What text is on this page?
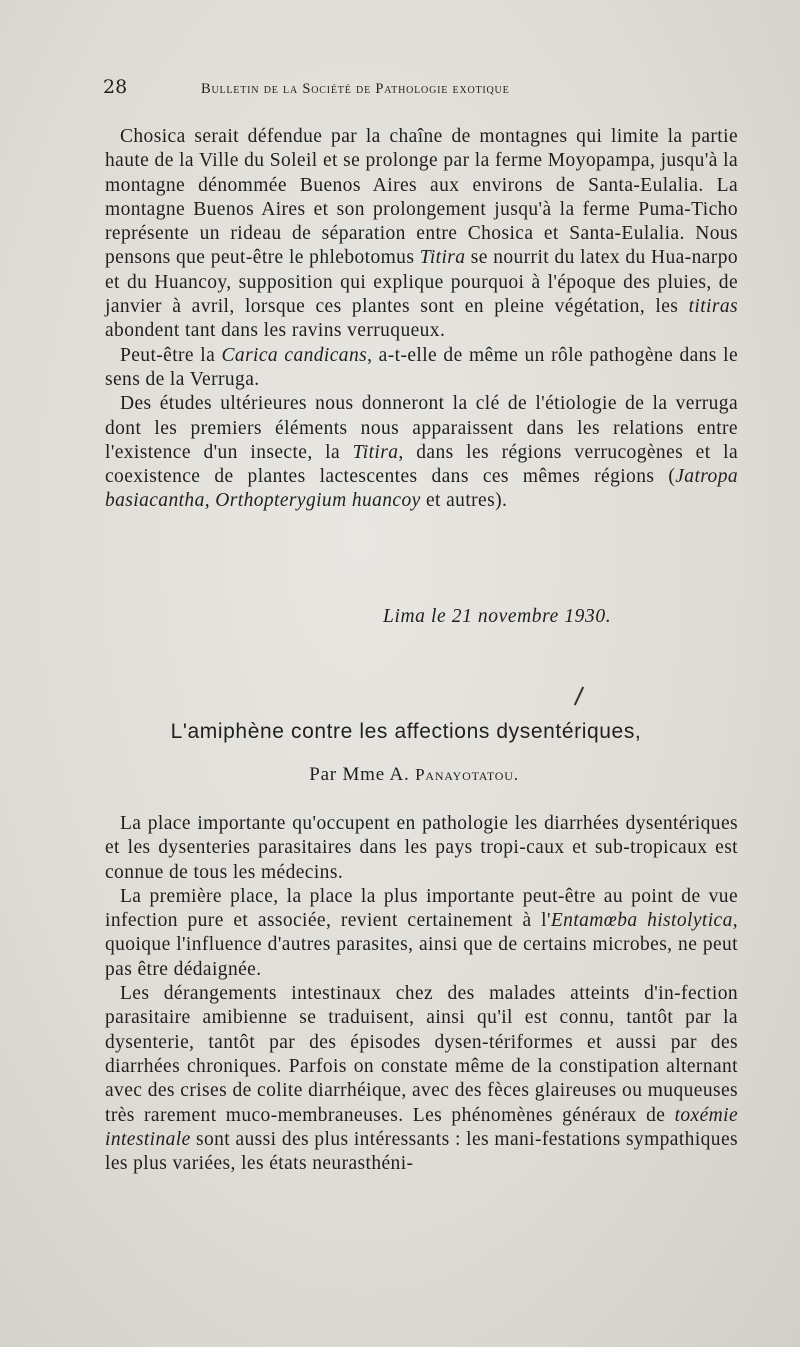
28	Bulletin de la Société de Pathologie exotique

Chosica serait défendue par la chaîne de montagnes qui limite la partie haute de la Ville du Soleil et se prolonge par la ferme Moyopampa, jusqu'à la montagne dénommée Buenos Aires aux environs de Santa-Eulalia. La montagne Buenos Aires et son prolongement jusqu'à la ferme Puma-Ticho représente un rideau de séparation entre Chosica et Santa-Eulalia. Nous pensons que peut-être le phlebotomus Titira se nourrit du latex du Hua-narpo et du Huancoy, supposition qui explique pourquoi à l'époque des pluies, de janvier à avril, lorsque ces plantes sont en pleine végétation, les titiras abondent tant dans les ravins verruqueux.

Peut-être la Carica candicans, a-t-elle de même un rôle pathogène dans le sens de la Verruga.

Des études ultérieures nous donneront la clé de l'étiologie de la verruga dont les premiers éléments nous apparaissent dans les relations entre l'existence d'un insecte, la Titira, dans les régions verrucogènes et la coexistence de plantes lactescentes dans ces mêmes régions (Jatropa basiacantha, Orthopterygium huancoy et autres).

Lima le 21 novembre 1930.
L'amiphène contre les affections dysentériques,
Par Mme A. Panayotatou.

La place importante qu'occupent en pathologie les diarrhées dysentériques et les dysenteries parasitaires dans les pays tropi-caux et sub-tropicaux est connue de tous les médecins.

La première place, la place la plus importante peut-être au point de vue infection pure et associée, revient certainement à l'Entamœba histolytica, quoique l'influence d'autres parasites, ainsi que de certains microbes, ne peut pas être dédaignée.

Les dérangements intestinaux chez des malades atteints d'in-fection parasitaire amibienne se traduisent, ainsi qu'il est connu, tantôt par la dysenterie, tantôt par des épisodes dysen-tériformes et aussi par des diarrhées chroniques. Parfois on constate même de la constipation alternant avec des crises de colite diarrhéique, avec des fèces glaireuses ou muqueuses très rarement muco-membraneuses. Les phénomènes généraux de toxémie intestinale sont aussi des plus intéressants : les mani-festations sympathiques les plus variées, les états neurasthéni-
